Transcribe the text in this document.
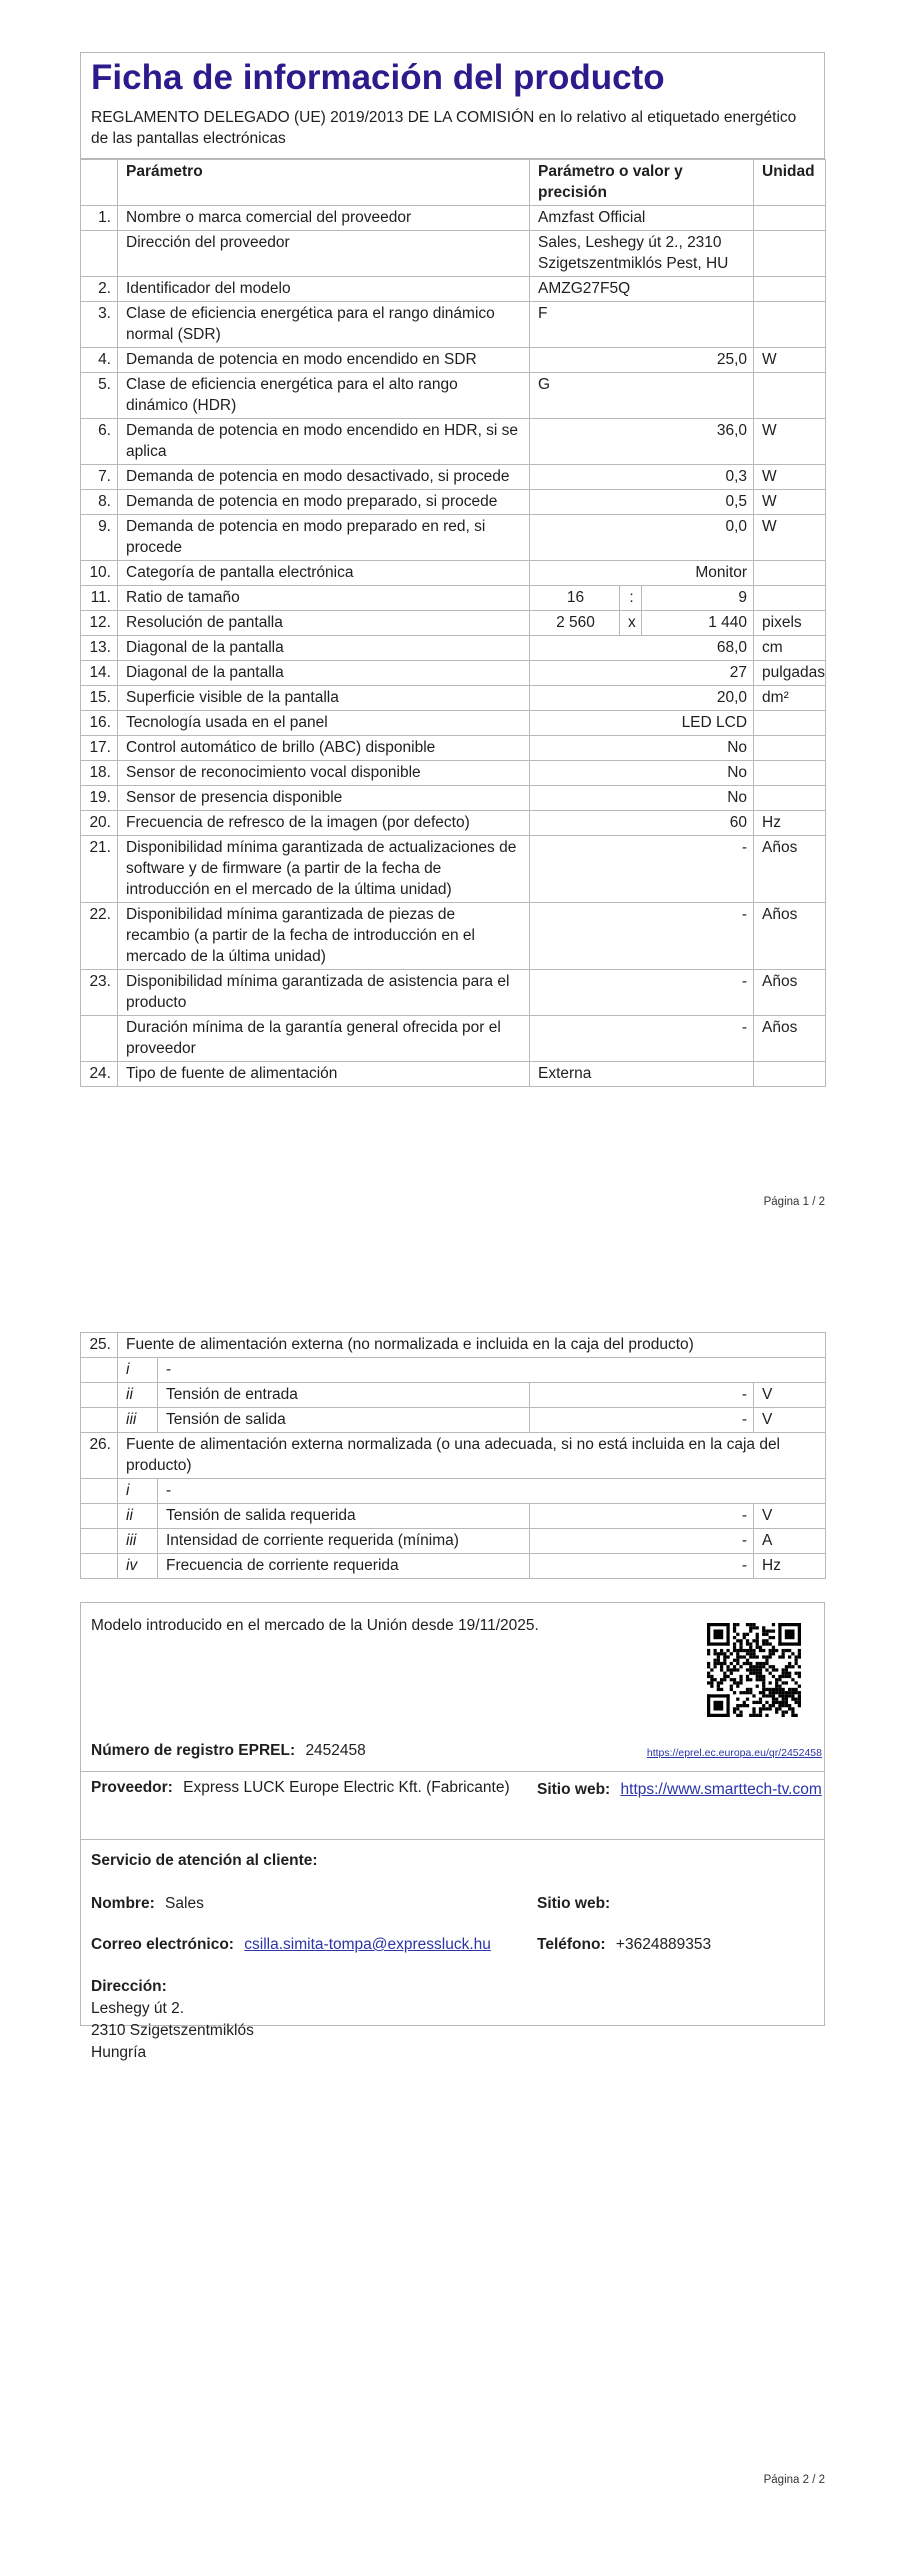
Ficha de información del producto
REGLAMENTO DELEGADO (UE) 2019/2013 DE LA COMISIÓN en lo relativo al etiquetado energético de las pantallas electrónicas
	Parámetro	Parámetro o valor y precisión			Unidad
1.	Nombre o marca comercial del proveedor	Amzfast Official			
	Dirección del proveedor	Sales, Leshegy út 2., 2310 Szigetszentmiklós Pest, HU			
2.	Identificador del modelo	AMZG27F5Q			
3.	Clase de eficiencia energética para el rango dinámico normal (SDR)	F			
4.	Demanda de potencia en modo encendido en SDR	25,0			W
5.	Clase de eficiencia energética para el alto rango dinámico (HDR)	G			
6.	Demanda de potencia en modo encendido en HDR, si se aplica	36,0			W
7.	Demanda de potencia en modo desactivado, si procede	0,3			W
8.	Demanda de potencia en modo preparado, si procede	0,5			W
9.	Demanda de potencia en modo preparado en red, si procede	0,0			W
10.	Categoría de pantalla electrónica	Monitor			
11.	Ratio de tamaño	16	:	9	
12.	Resolución de pantalla	2 560	x	1 440	pixels
13.	Diagonal de la pantalla	68,0			cm
14.	Diagonal de la pantalla	27			pulgadas
15.	Superficie visible de la pantalla	20,0			dm²
16.	Tecnología usada en el panel	LED LCD			
17.	Control automático de brillo (ABC) disponible	No			
18.	Sensor de reconocimiento vocal disponible	No			
19.	Sensor de presencia disponible	No			
20.	Frecuencia de refresco de la imagen (por defecto)	60			Hz
21.	Disponibilidad mínima garantizada de actualizaciones de software y de firmware (a partir de la fecha de introducción en el mercado de la última unidad)	-			Años
22.	Disponibilidad mínima garantizada de piezas de recambio (a partir de la fecha de introducción en el mercado de la última unidad)	-			Años
23.	Disponibilidad mínima garantizada de asistencia para el producto	-			Años
	Duración mínima de la garantía general ofrecida por el proveedor	-			Años
24.	Tipo de fuente de alimentación	Externa			
Página 1 / 2
25.	Fuente de alimentación externa (no normalizada e incluida en la caja del producto)			
	i	-		
	ii	Tensión de entrada	-	V
	iii	Tensión de salida	-	V
26.	Fuente de alimentación externa normalizada (o una adecuada, si no está incluida en la caja del producto)			
	i	-		
	ii	Tensión de salida requerida	-	V
	iii	Intensidad de corriente requerida (mínima)	-	A
	iv	Frecuencia de corriente requerida	-	Hz
Modelo introducido en el mercado de la Unión desde 19/11/2025.
Número de registro EPREL: 2452458	https://eprel.ec.europa.eu/qr/2452458
Proveedor: Express LUCK Europe Electric Kft. (Fabricante)	Sitio web: https://www.smarttech-tv.com
Servicio de atención al cliente:
Nombre: Sales	Sitio web:
Correo electrónico: csilla.simita-tompa@expressluck.hu	Teléfono: +3624889353
Dirección:
Leshegy út 2.
2310 Szigetszentmiklós
Hungría
Página 2 / 2
